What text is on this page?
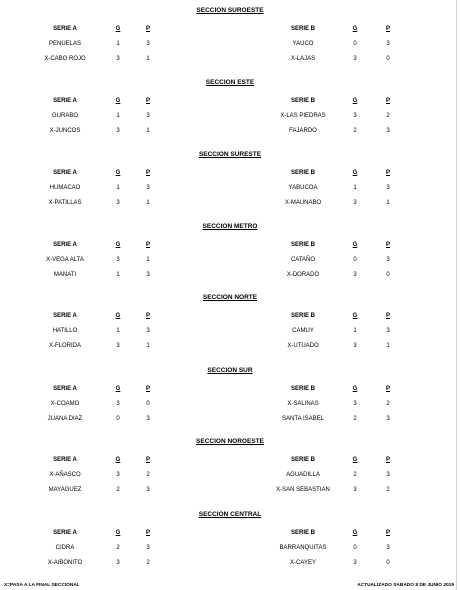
SECCION SUROESTE
SERIE A	G	P	SERIE B	G	P
PENUELAS	1	3	YAUCO	0	3
X-CABO ROJO	3	1	X-LAJAS	3	0
SECCION ESTE
SERIE A	G	P	SERIE B	G	P
GURABO	1	3	X-LAS PIEDRAS	3	2
X-JUNCOS	3	1	FAJARDO	2	3
SECCION SURESTE
SERIE A	G	P	SERIE B	G	P
HUMACAO	1	3	YABUCOA	1	3
X-PATILLAS	3	1	X-MAUNABO	3	1
SECCION METRO
SERIE A	G	P	SERIE B	G	P
X-VEGA ALTA	3	1	CATAÑO	0	3
MANATI	1	3	X-DORADO	3	0
SECCION NORTE
SERIE A	G	P	SERIE B	G	P
HATILLO	1	3	CAMUY	1	3
X-FLORIDA	3	1	X-UTUADO	3	1
SECCION SUR
SERIE A	G	P	SERIE B	G	P
X-COAMO	3	0	X-SALINAS	3	2
JUANA DIAZ	0	3	SANTA ISABEL	2	3
SECCION NOROESTE
SERIE A	G	P	SERIE B	G	P
X-AÑASCO	3	2	AGUADILLA	2	3
MAYAGUEZ	2	3	X-SAN SEBASTIAN	3	2
SECCION CENTRAL
SERIE A	G	P	SERIE B	G	P
CIDRA	2	3	BARRANQUITAS	0	3
X-AIBONITO	3	2	X-CAYEY	3	0
X=PASA A LA FINAL SECCIONAL	ACTUALIZADO SABADO 8 DE JUNIO 2019
